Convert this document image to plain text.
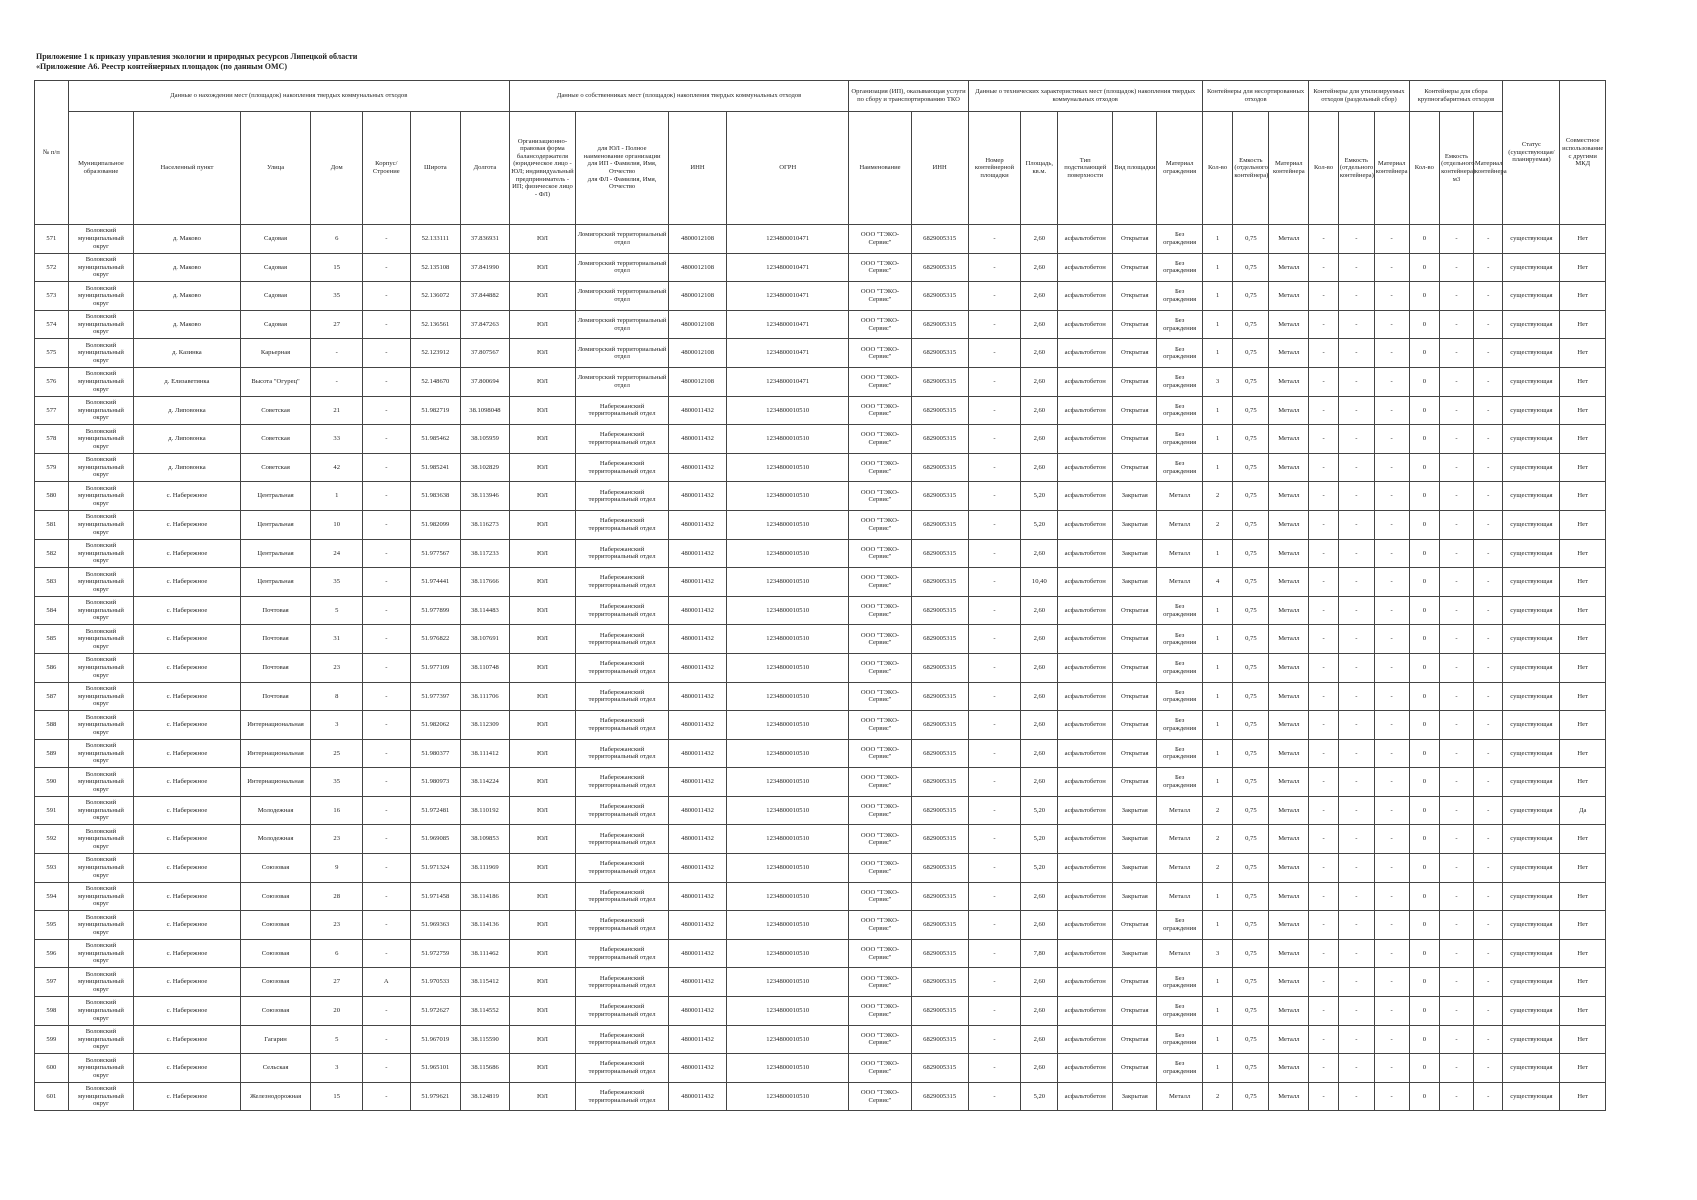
Приложение 1 к приказу управления экологии и природных ресурсов Липецкой области
«Приложение А6. Реестр контейнерных площадок (по данным ОМС)
№ п/п	Данные о нахождении мест (площадок) накопления твердых коммунальных отходов							Данные о собственниках мест (площадок) накопления твердых коммунальных отходов				Организация (ИП), оказывающая услуги по сбору и транспортированию ТКО		Данные о технических характеристиках мест (площадок) накопления твердых коммунальных отходов					Контейнеры для несортированных отходов			Контейнеры для утилизируемых отходов (раздельный сбор)			Контейнеры для сбора крупногабаритных отходов			Статус (существующая/ планируемая)	Совместное использование с другими МКД
	Муниципальное образование	Населенный пункт	Улица	Дом	Корпус/Строение	Широта	Долгота	Организационно-правовая форма балансодержателя (юридическое лицо - ЮЛ; индивидуальный предприниматель - ИП; физическое лицо - ФЛ)	для ЮЛ - Полное наименование организации
для ИП - Фамилия, Имя, Отчество
для ФЛ - Фамилия, Имя, Отчество	ИНН	ОГРН	Наименование	ИНН	Номер контейнерной площадки	Площадь, кв.м.	Тип подстилающей поверхности	Вид площадки	Материал ограждения	Кол-во	Емкость (отдельного контейнера)	Материал контейнера	Кол-во	Емкость (отдельного контейнера)	Материал контейнера	Кол-во	Емкость (отдельного контейнера) м3	Материал контейнера		
571	Воловский муниципальный округ	д. Маково	Садовая	6	-	52.133111	37.836931	ЮЛ	Ломигорский территориальный отдел	4800012108	1234800010471	ООО "ТЭКО-Сервис"	6829005315	-	2,60	асфальтобетон	Открытая	Без ограждения	1	0,75	Металл	-	-	-	0	-	-	существующая	Нет
572	Воловский муниципальный округ	д. Маково	Садовая	15	-	52.135108	37.841990	ЮЛ	Ломигорский территориальный отдел	4800012108	1234800010471	ООО "ТЭКО-Сервис"	6829005315	-	2,60	асфальтобетон	Открытая	Без ограждения	1	0,75	Металл	-	-	-	0	-	-	существующая	Нет
573	Воловский муниципальный округ	д. Маково	Садовая	35	-	52.136072	37.844882	ЮЛ	Ломигорский территориальный отдел	4800012108	1234800010471	ООО "ТЭКО-Сервис"	6829005315	-	2,60	асфальтобетон	Открытая	Без ограждения	1	0,75	Металл	-	-	-	0	-	-	существующая	Нет
574	Воловский муниципальный округ	д. Маково	Садовая	27	-	52.136561	37.847263	ЮЛ	Ломигорский территориальный отдел	4800012108	1234800010471	ООО "ТЭКО-Сервис"	6829005315	-	2,60	асфальтобетон	Открытая	Без ограждения	1	0,75	Металл	-	-	-	0	-	-	существующая	Нет
575	Воловский муниципальный округ	д. Казинка	Карьерная	-	-	52.123912	37.807567	ЮЛ	Ломигорский территориальный отдел	4800012108	1234800010471	ООО "ТЭКО-Сервис"	6829005315	-	2,60	асфальтобетон	Открытая	Без ограждения	1	0,75	Металл	-	-	-	0	-	-	существующая	Нет
576	Воловский муниципальный округ	д. Елизаветинка	Высота "Огурец"	-	-	52.148670	37.800694	ЮЛ	Ломигорский территориальный отдел	4800012108	1234800010471	ООО "ТЭКО-Сервис"	6829005315	-	2,60	асфальтобетон	Открытая	Без ограждения	3	0,75	Металл	-	-	-	0	-	-	существующая	Нет
577	Воловский муниципальный округ	д. Липовонка	Советская	21	-	51.982719	38.1098048	ЮЛ	Набережанский территориальный отдел	4800011432	1234800010510	ООО "ТЭКО-Сервис"	6829005315	-	2,60	асфальтобетон	Открытая	Без ограждения	1	0,75	Металл	-	-	-	0	-	-	существующая	Нет
578	Воловский муниципальный округ	д. Липовонка	Советская	33	-	51.985462	38.105959	ЮЛ	Набережанский территориальный отдел	4800011432	1234800010510	ООО "ТЭКО-Сервис"	6829005315	-	2,60	асфальтобетон	Открытая	Без ограждения	1	0,75	Металл	-	-	-	0	-	-	существующая	Нет
579	Воловский муниципальный округ	д. Липовонка	Советская	42	-	51.985241	38.102829	ЮЛ	Набережанский территориальный отдел	4800011432	1234800010510	ООО "ТЭКО-Сервис"	6829005315	-	2,60	асфальтобетон	Открытая	Без ограждения	1	0,75	Металл	-	-	-	0	-	-	существующая	Нет
580	Воловский муниципальный округ	с. Набережное	Центральная	1	-	51.983638	38.113946	ЮЛ	Набережанский территориальный отдел	4800011432	1234800010510	ООО "ТЭКО-Сервис"	6829005315	-	5,20	асфальтобетон	Закрытая	Металл	2	0,75	Металл	-	-	-	0	-	-	существующая	Нет
581	Воловский муниципальный округ	с. Набережное	Центральная	10	-	51.982099	38.116273	ЮЛ	Набережанский территориальный отдел	4800011432	1234800010510	ООО "ТЭКО-Сервис"	6829005315	-	5,20	асфальтобетон	Закрытая	Металл	2	0,75	Металл	-	-	-	0	-	-	существующая	Нет
582	Воловский муниципальный округ	с. Набережное	Центральная	24	-	51.977567	38.117233	ЮЛ	Набережанский территориальный отдел	4800011432	1234800010510	ООО "ТЭКО-Сервис"	6829005315	-	2,60	асфальтобетон	Закрытая	Металл	1	0,75	Металл	-	-	-	0	-	-	существующая	Нет
583	Воловский муниципальный округ	с. Набережное	Центральная	35	-	51.974441	38.117666	ЮЛ	Набережанский территориальный отдел	4800011432	1234800010510	ООО "ТЭКО-Сервис"	6829005315	-	10,40	асфальтобетон	Закрытая	Металл	4	0,75	Металл	-	-	-	0	-	-	существующая	Нет
584	Воловский муниципальный округ	с. Набережное	Почтовая	5	-	51.977899	38.114483	ЮЛ	Набережанский территориальный отдел	4800011432	1234800010510	ООО "ТЭКО-Сервис"	6829005315	-	2,60	асфальтобетон	Открытая	Без ограждения	1	0,75	Металл	-	-	-	0	-	-	существующая	Нет
585	Воловский муниципальный округ	с. Набережное	Почтовая	31	-	51.976822	38.107691	ЮЛ	Набережанский территориальный отдел	4800011432	1234800010510	ООО "ТЭКО-Сервис"	6829005315	-	2,60	асфальтобетон	Открытая	Без ограждения	1	0,75	Металл	-	-	-	0	-	-	существующая	Нет
586	Воловский муниципальный округ	с. Набережное	Почтовая	23	-	51.977109	38.110748	ЮЛ	Набережанский территориальный отдел	4800011432	1234800010510	ООО "ТЭКО-Сервис"	6829005315	-	2,60	асфальтобетон	Открытая	Без ограждения	1	0,75	Металл	-	-	-	0	-	-	существующая	Нет
587	Воловский муниципальный округ	с. Набережное	Почтовая	8	-	51.977397	38.111706	ЮЛ	Набережанский территориальный отдел	4800011432	1234800010510	ООО "ТЭКО-Сервис"	6829005315	-	2,60	асфальтобетон	Открытая	Без ограждения	1	0,75	Металл	-	-	-	0	-	-	существующая	Нет
588	Воловский муниципальный округ	с. Набережное	Интернациональная	3	-	51.982062	38.112309	ЮЛ	Набережанский территориальный отдел	4800011432	1234800010510	ООО "ТЭКО-Сервис"	6829005315	-	2,60	асфальтобетон	Открытая	Без ограждения	1	0,75	Металл	-	-	-	0	-	-	существующая	Нет
589	Воловский муниципальный округ	с. Набережное	Интернациональная	25	-	51.980377	38.111412	ЮЛ	Набережанский территориальный отдел	4800011432	1234800010510	ООО "ТЭКО-Сервис"	6829005315	-	2,60	асфальтобетон	Открытая	Без ограждения	1	0,75	Металл	-	-	-	0	-	-	существующая	Нет
590	Воловский муниципальный округ	с. Набережное	Интернациональная	35	-	51.980973	38.114224	ЮЛ	Набережанский территориальный отдел	4800011432	1234800010510	ООО "ТЭКО-Сервис"	6829005315	-	2,60	асфальтобетон	Открытая	Без ограждения	1	0,75	Металл	-	-	-	0	-	-	существующая	Нет
591	Воловский муниципальный округ	с. Набережное	Молодежная	16	-	51.972481	38.110192	ЮЛ	Набережанский территориальный отдел	4800011432	1234800010510	ООО "ТЭКО-Сервис"	6829005315	-	5,20	асфальтобетон	Закрытая	Металл	2	0,75	Металл	-	-	-	0	-	-	существующая	Да
592	Воловский муниципальный округ	с. Набережное	Молодежная	23	-	51.969085	38.109853	ЮЛ	Набережанский территориальный отдел	4800011432	1234800010510	ООО "ТЭКО-Сервис"	6829005315	-	5,20	асфальтобетон	Закрытая	Металл	2	0,75	Металл	-	-	-	0	-	-	существующая	Нет
593	Воловский муниципальный округ	с. Набережное	Союзовая	9	-	51.971324	38.111969	ЮЛ	Набережанский территориальный отдел	4800011432	1234800010510	ООО "ТЭКО-Сервис"	6829005315	-	5,20	асфальтобетон	Закрытая	Металл	2	0,75	Металл	-	-	-	0	-	-	существующая	Нет
594	Воловский муниципальный округ	с. Набережное	Союзовая	28	-	51.971458	38.114186	ЮЛ	Набережанский территориальный отдел	4800011432	1234800010510	ООО "ТЭКО-Сервис"	6829005315	-	2,60	асфальтобетон	Закрытая	Металл	1	0,75	Металл	-	-	-	0	-	-	существующая	Нет
595	Воловский муниципальный округ	с. Набережное	Союзовая	23	-	51.969363	38.114136	ЮЛ	Набережанский территориальный отдел	4800011432	1234800010510	ООО "ТЭКО-Сервис"	6829005315	-	2,60	асфальтобетон	Открытая	Без ограждения	1	0,75	Металл	-	-	-	0	-	-	существующая	Нет
596	Воловский муниципальный округ	с. Набережное	Союзовая	6	-	51.972759	38.111462	ЮЛ	Набережанский территориальный отдел	4800011432	1234800010510	ООО "ТЭКО-Сервис"	6829005315	-	7,80	асфальтобетон	Закрытая	Металл	3	0,75	Металл	-	-	-	0	-	-	существующая	Нет
597	Воловский муниципальный округ	с. Набережное	Союзовая	27	А	51.970533	38.115412	ЮЛ	Набережанский территориальный отдел	4800011432	1234800010510	ООО "ТЭКО-Сервис"	6829005315	-	2,60	асфальтобетон	Открытая	Без ограждения	1	0,75	Металл	-	-	-	0	-	-	существующая	Нет
598	Воловский муниципальный округ	с. Набережное	Союзовая	20	-	51.972627	38.114552	ЮЛ	Набережанский территориальный отдел	4800011432	1234800010510	ООО "ТЭКО-Сервис"	6829005315	-	2,60	асфальтобетон	Открытая	Без ограждения	1	0,75	Металл	-	-	-	0	-	-	существующая	Нет
599	Воловский муниципальный округ	с. Набережное	Гагарин	5	-	51.967019	38.115590	ЮЛ	Набережанский территориальный отдел	4800011432	1234800010510	ООО "ТЭКО-Сервис"	6829005315	-	2,60	асфальтобетон	Открытая	Без ограждения	1	0,75	Металл	-	-	-	0	-	-	существующая	Нет
600	Воловский муниципальный округ	с. Набережное	Сельская	3	-	51.965101	38.115686	ЮЛ	Набережанский территориальный отдел	4800011432	1234800010510	ООО "ТЭКО-Сервис"	6829005315	-	2,60	асфальтобетон	Открытая	Без ограждения	1	0,75	Металл	-	-	-	0	-	-	существующая	Нет
601	Воловский муниципальный округ	с. Набережное	Железнодорожная	15	-	51.979621	38.124819	ЮЛ	Набережанский территориальный отдел	4800011432	1234800010510	ООО "ТЭКО-Сервис"	6829005315	-	5,20	асфальтобетон	Закрытая	Металл	2	0,75	Металл	-	-	-	0	-	-	существующая	Нет
